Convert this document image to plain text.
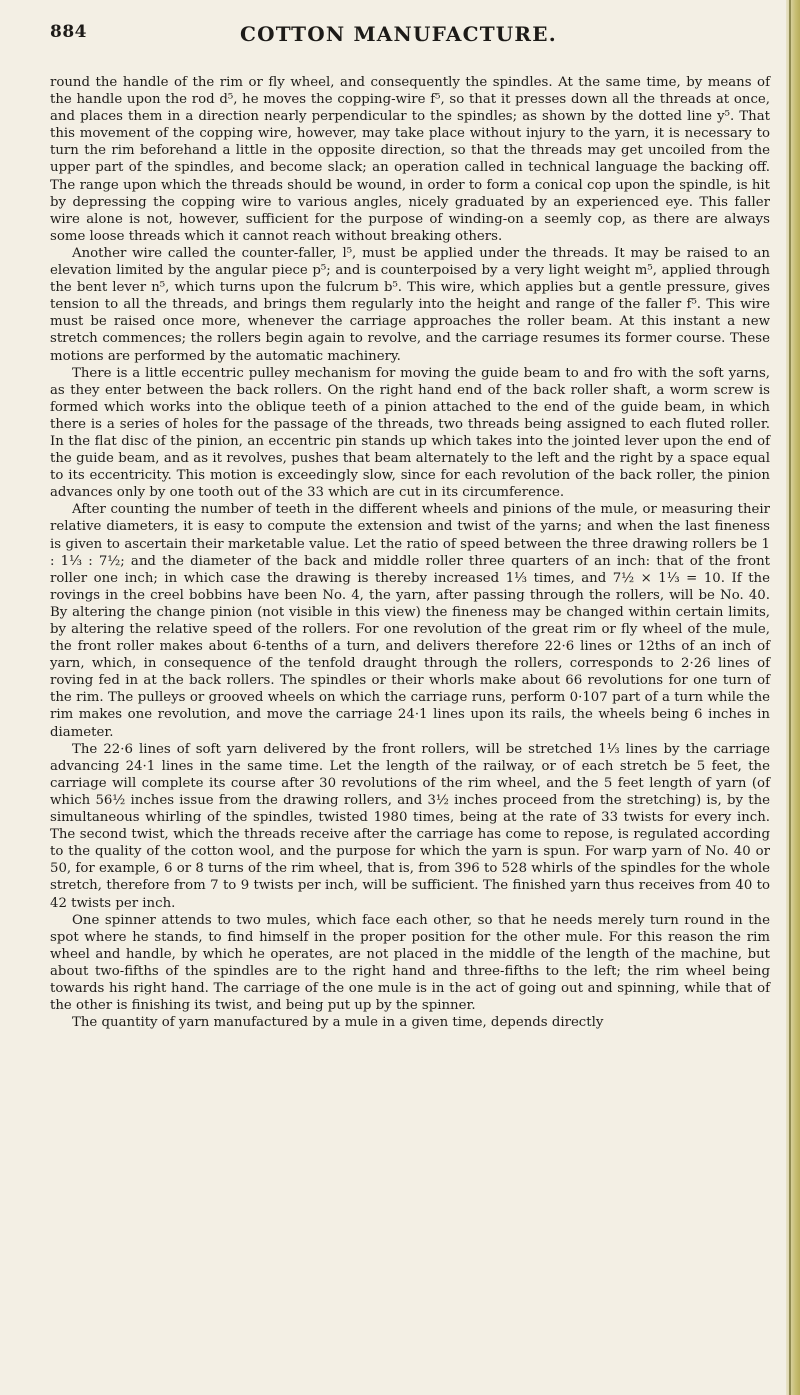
884	COTTON MANUFACTURE.

round the handle of the rim or fly wheel, and consequently the spindles. At the same time, by means of the handle upon the rod d⁵, he moves the copping-wire f⁵, so that it presses down all the threads at once, and places them in a direction nearly perpendicular to the spindles; as shown by the dotted line y⁵. That this movement of the copping wire, however, may take place without injury to the yarn, it is necessary to turn the rim beforehand a little in the opposite direction, so that the threads may get uncoiled from the upper part of the spindles, and become slack; an operation called in technical language the backing off. The range upon which the threads should be wound, in order to form a conical cop upon the spindle, is hit by depressing the copping wire to various angles, nicely graduated by an experienced eye. This faller wire alone is not, however, sufficient for the purpose of winding-on a seemly cop, as there are always some loose threads which it cannot reach without breaking others.

Another wire called the counter-faller, l⁵, must be applied under the threads. It may be raised to an elevation limited by the angular piece p⁵; and is counterpoised by a very light weight m⁵, applied through the bent lever n⁵, which turns upon the fulcrum b⁵. This wire, which applies but a gentle pressure, gives tension to all the threads, and brings them regularly into the height and range of the faller f⁵. This wire must be raised once more, whenever the carriage approaches the roller beam. At this instant a new stretch commences; the rollers begin again to revolve, and the carriage resumes its former course. These motions are performed by the automatic machinery.

There is a little eccentric pulley mechanism for moving the guide beam to and fro with the soft yarns, as they enter between the back rollers. On the right hand end of the back roller shaft, a worm screw is formed which works into the oblique teeth of a pinion attached to the end of the guide beam, in which there is a series of holes for the passage of the threads, two threads being assigned to each fluted roller. In the flat disc of the pinion, an eccentric pin stands up which takes into the jointed lever upon the end of the guide beam, and as it revolves, pushes that beam alternately to the left and the right by a space equal to its eccentricity. This motion is exceedingly slow, since for each revolution of the back roller, the pinion advances only by one tooth out of the 33 which are cut in its circumference.

After counting the number of teeth in the different wheels and pinions of the mule, or measuring their relative diameters, it is easy to compute the extension and twist of the yarns; and when the last fineness is given to ascertain their marketable value. Let the ratio of speed between the three drawing rollers be 1 : 1⅓ : 7½; and the diameter of the back and middle roller three quarters of an inch: that of the front roller one inch; in which case the drawing is thereby increased 1⅓ times, and 7½ × 1⅓ = 10. If the rovings in the creel bobbins have been No. 4, the yarn, after passing through the rollers, will be No. 40. By altering the change pinion (not visible in this view) the fineness may be changed within certain limits, by altering the relative speed of the rollers. For one revolution of the great rim or fly wheel of the mule, the front roller makes about 6-tenths of a turn, and delivers therefore 22·6 lines or 12ths of an inch of yarn, which, in consequence of the tenfold draught through the rollers, corresponds to 2·26 lines of roving fed in at the back rollers. The spindles or their whorls make about 66 revolutions for one turn of the rim. The pulleys or grooved wheels on which the carriage runs, perform 0·107 part of a turn while the rim makes one revolution, and move the carriage 24·1 lines upon its rails, the wheels being 6 inches in diameter.

The 22·6 lines of soft yarn delivered by the front rollers, will be stretched 1⅓ lines by the carriage advancing 24·1 lines in the same time. Let the length of the railway, or of each stretch be 5 feet, the carriage will complete its course after 30 revolutions of the rim wheel, and the 5 feet length of yarn (of which 56½ inches issue from the drawing rollers, and 3½ inches proceed from the stretching) is, by the simultaneous whirling of the spindles, twisted 1980 times, being at the rate of 33 twists for every inch. The second twist, which the threads receive after the carriage has come to repose, is regulated according to the quality of the cotton wool, and the purpose for which the yarn is spun. For warp yarn of No. 40 or 50, for example, 6 or 8 turns of the rim wheel, that is, from 396 to 528 whirls of the spindles for the whole stretch, therefore from 7 to 9 twists per inch, will be sufficient. The finished yarn thus receives from 40 to 42 twists per inch.

One spinner attends to two mules, which face each other, so that he needs merely turn round in the spot where he stands, to find himself in the proper position for the other mule. For this reason the rim wheel and handle, by which he operates, are not placed in the middle of the length of the machine, but about two-fifths of the spindles are to the right hand and three-fifths to the left; the rim wheel being towards his right hand. The carriage of the one mule is in the act of going out and spinning, while that of the other is finishing its twist, and being put up by the spinner.

The quantity of yarn manufactured by a mule in a given time, depends directly
